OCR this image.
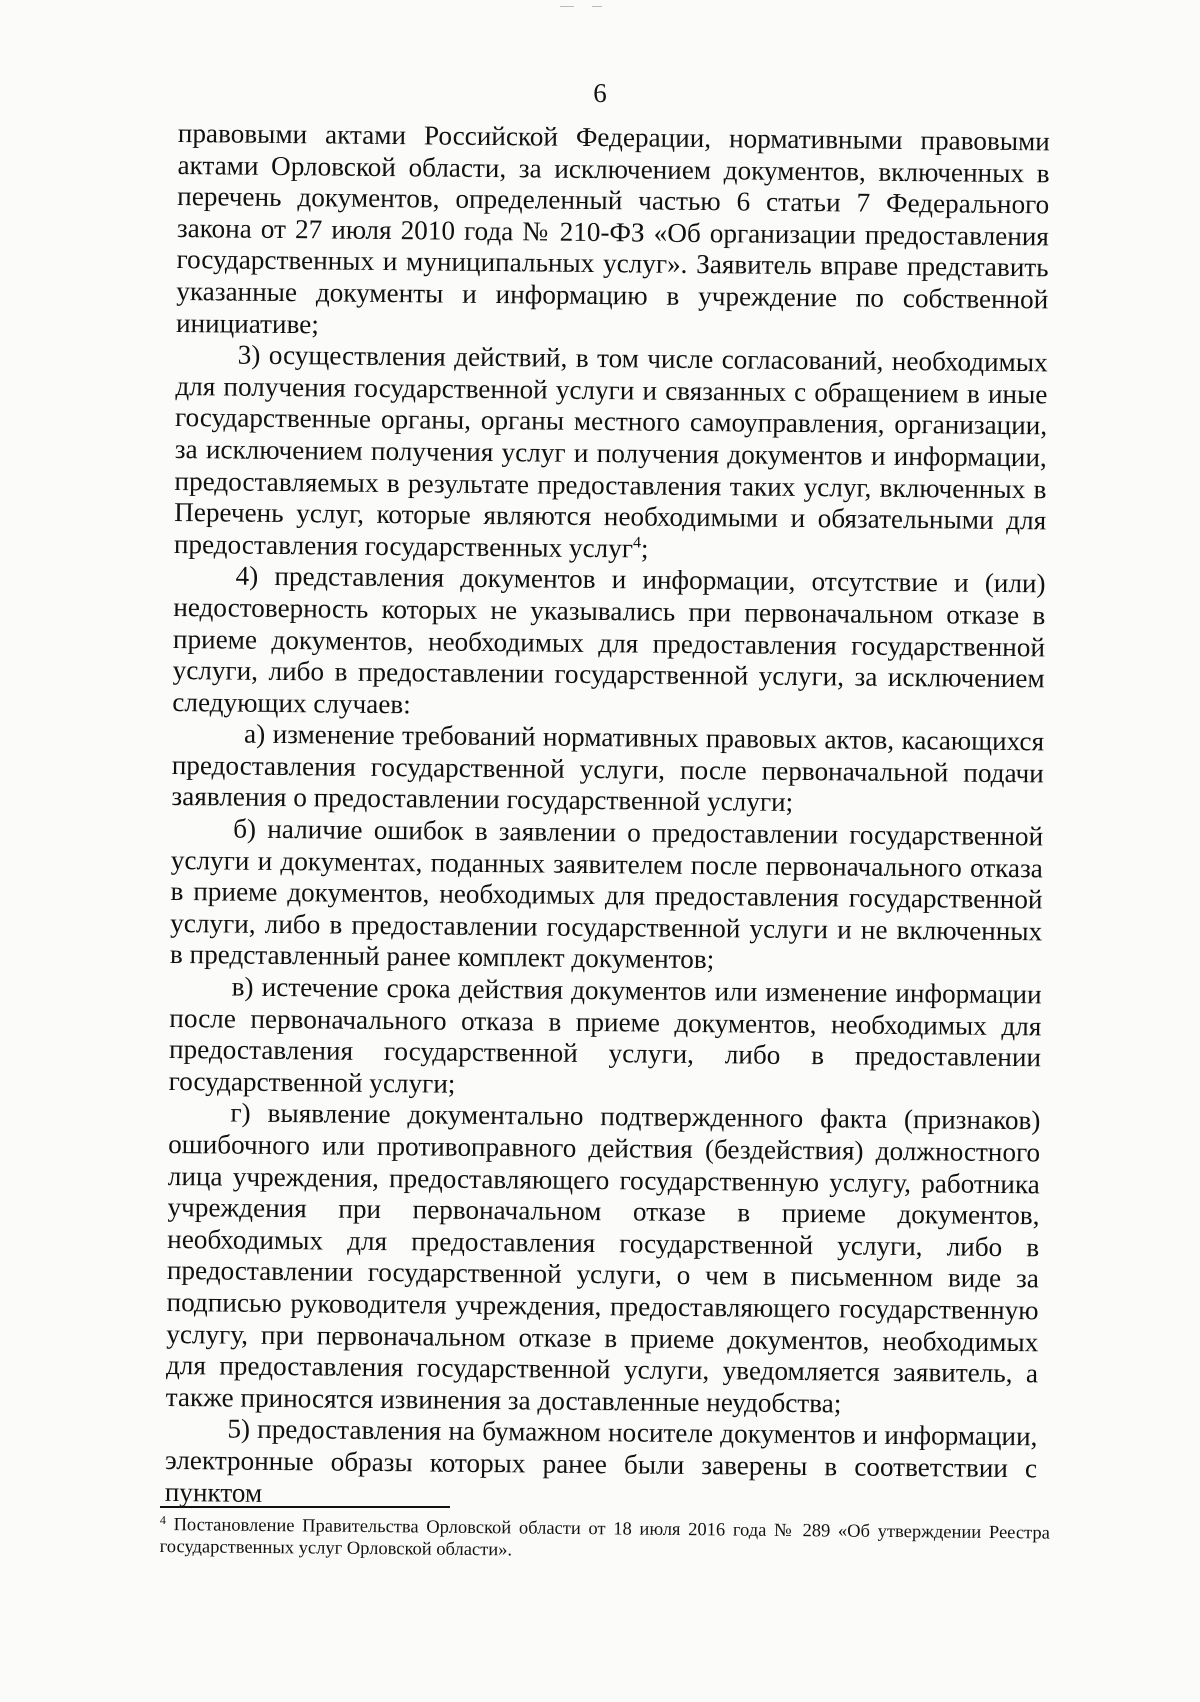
6

правовыми актами Российской Федерации, нормативными правовыми актами Орловской области, за исключением документов, включенных в перечень документов, определенный частью 6 статьи 7 Федерального закона от 27 июля 2010 года № 210-ФЗ «Об организации предоставления государственных и муниципальных услуг». Заявитель вправе представить указанные документы и информацию в учреждение по собственной инициативе;

3) осуществления действий, в том числе согласований, необходимых для получения государственной услуги и связанных с обращением в иные государственные органы, органы местного самоуправления, организации, за исключением получения услуг и получения документов и информации, предоставляемых в результате предоставления таких услуг, включенных в Перечень услуг, которые являются необходимыми и обязательными для предоставления государственных услуг$^4$;

4) представления документов и информации, отсутствие и (или) недостоверность которых не указывались при первоначальном отказе в приеме документов, необходимых для предоставления государственной услуги, либо в предоставлении государственной услуги, за исключением следующих случаев:

а) изменение требований нормативных правовых актов, касающихся предоставления государственной услуги, после первоначальной подачи заявления о предоставлении государственной услуги;

б) наличие ошибок в заявлении о предоставлении государственной услуги и документах, поданных заявителем после первоначального отказа в приеме документов, необходимых для предоставления государственной услуги, либо в предоставлении государственной услуги и не включенных в представленный ранее комплект документов;

в) истечение срока действия документов или изменение информации после первоначального отказа в приеме документов, необходимых для предоставления государственной услуги, либо в предоставлении государственной услуги;

г) выявление документально подтвержденного факта (признаков) ошибочного или противоправного действия (бездействия) должностного лица учреждения, предоставляющего государственную услугу, работника учреждения при первоначальном отказе в приеме документов, необходимых для предоставления государственной услуги, либо в предоставлении государственной услуги, о чем в письменном виде за подписью руководителя учреждения, предоставляющего государственную услугу, при первоначальном отказе в приеме документов, необходимых для предоставления государственной услуги, уведомляется заявитель, а также приносятся извинения за доставленные неудобства;

5) предоставления на бумажном носителе документов и информации, электронные образы которых ранее были заверены в соответствии с пунктом

$^4$ Постановление Правительства Орловской области от 18 июля 2016 года № 289 «Об утверждении Реестра государственных услуг Орловской области».
